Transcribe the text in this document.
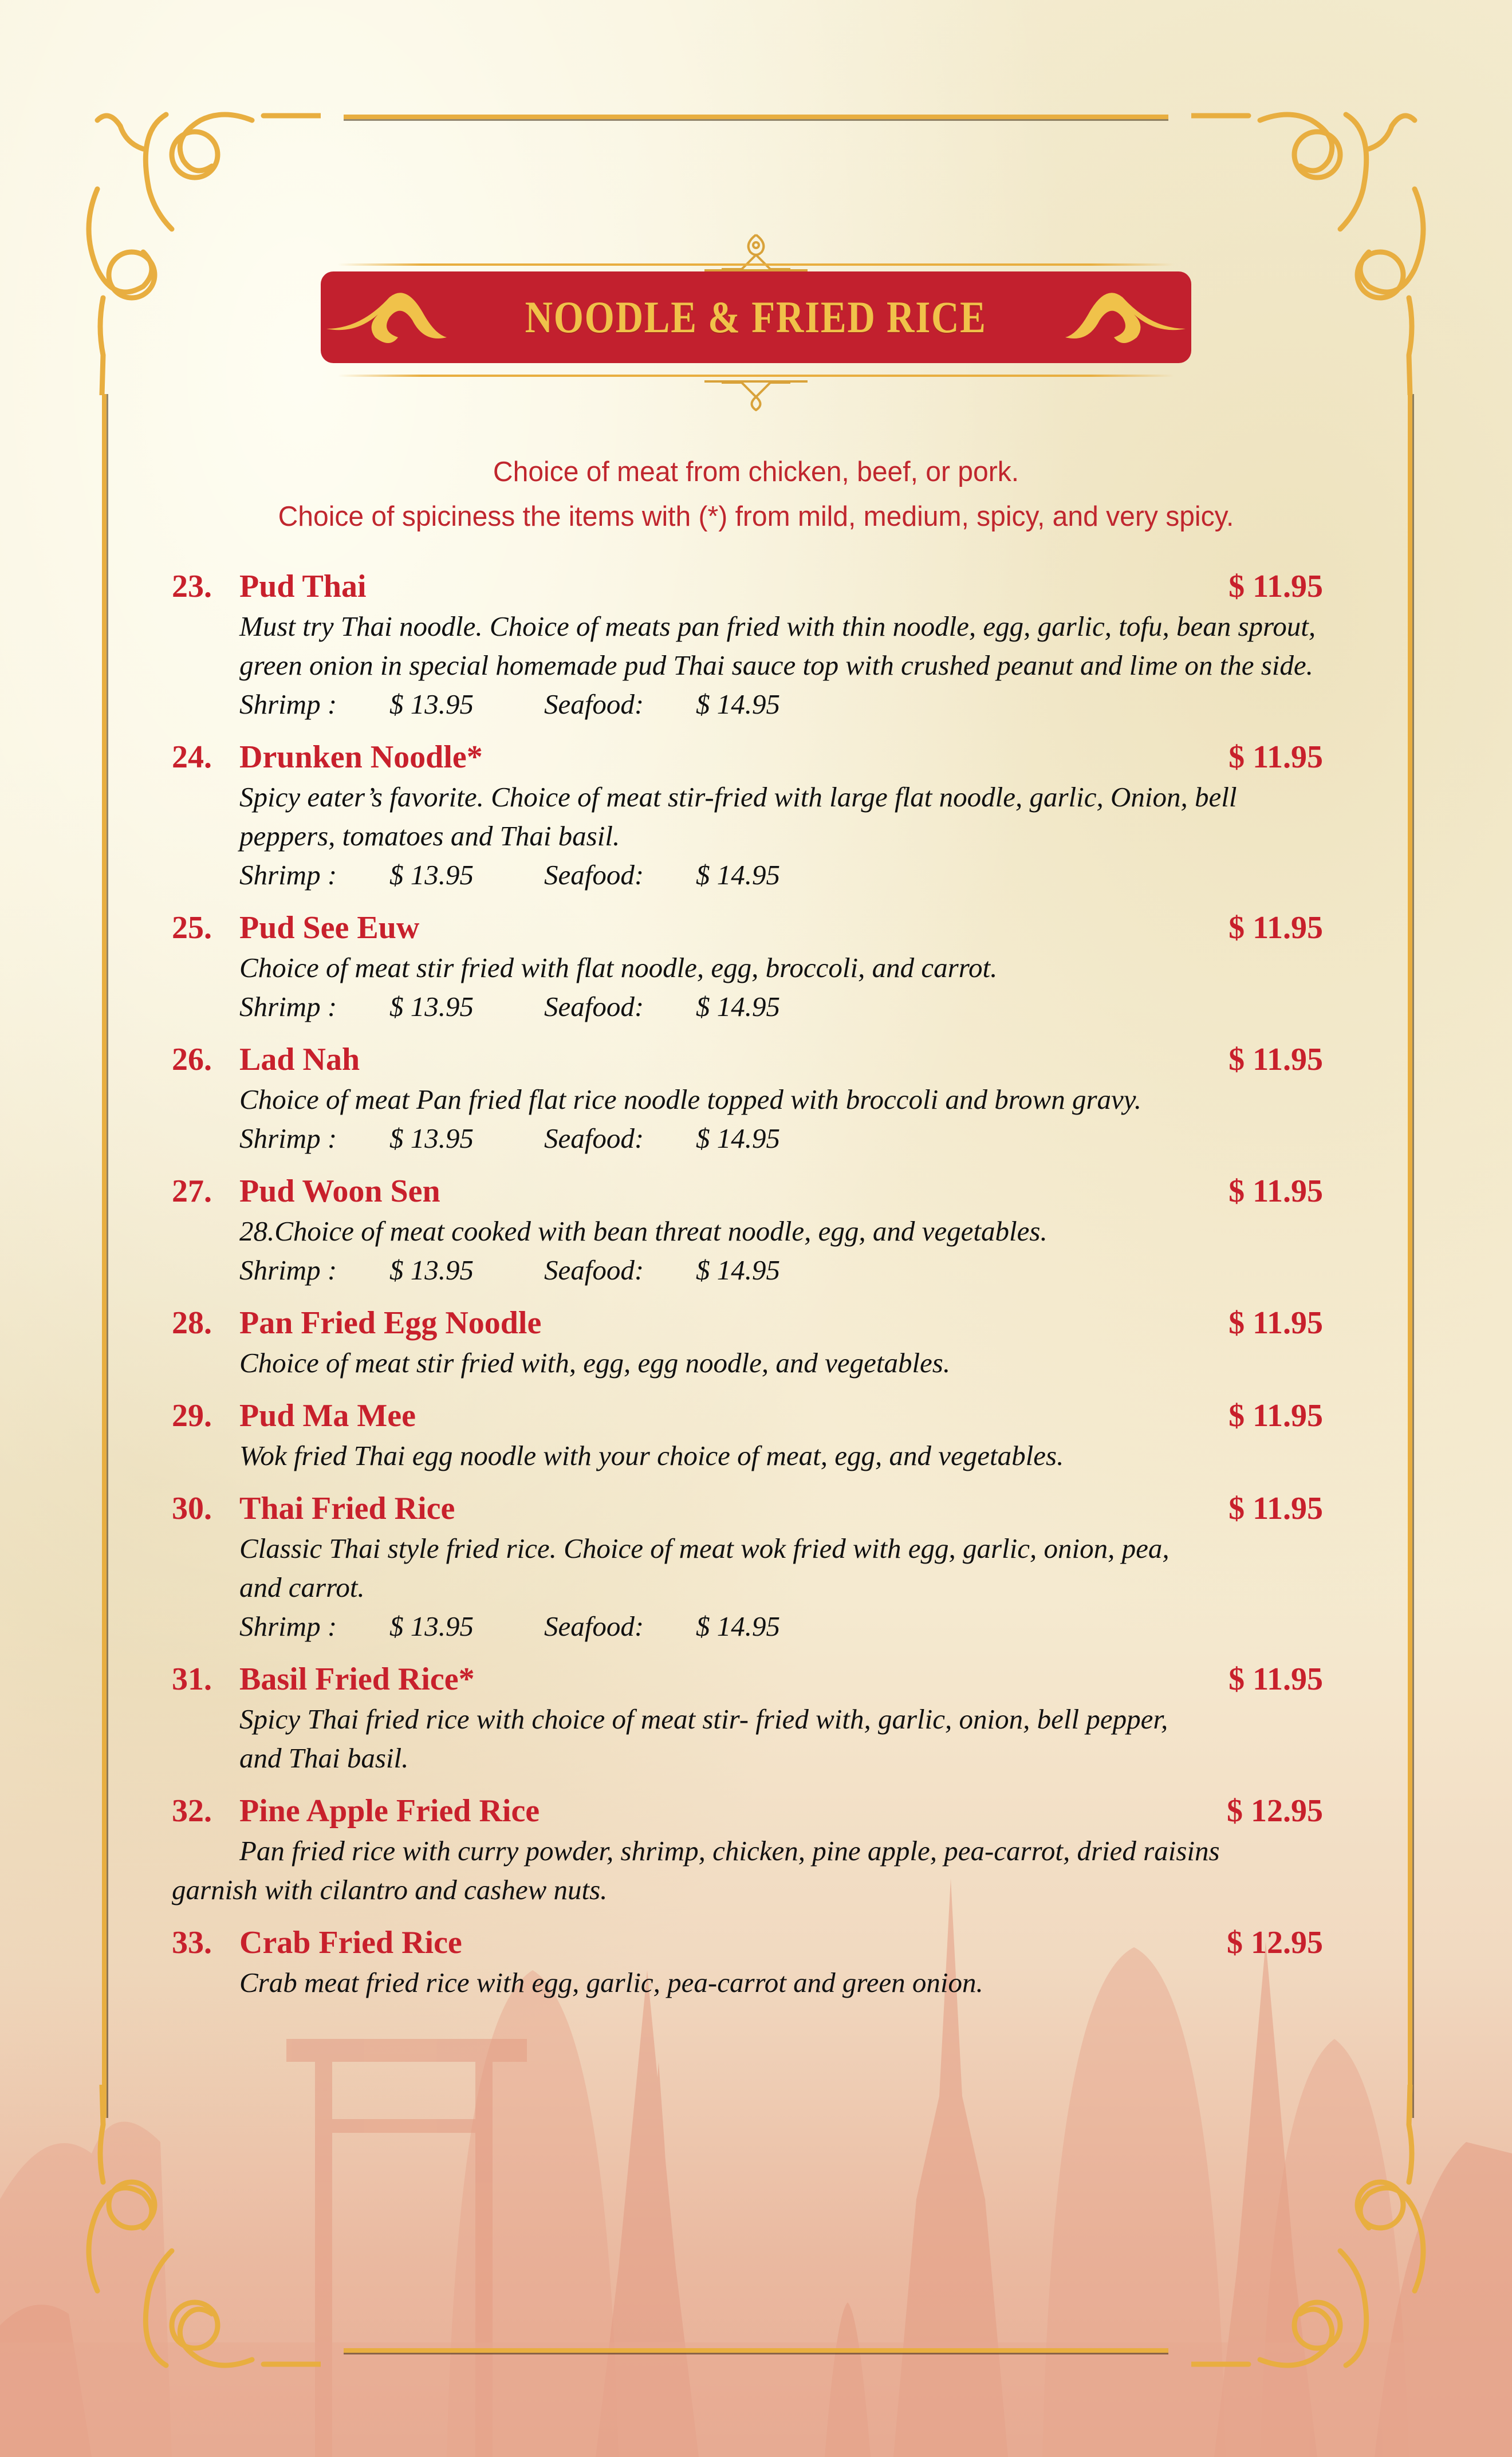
NOODLE & FRIED RICE
Choice of meat from chicken, beef, or pork.
Choice of spiciness the items with (*) from mild, medium, spicy, and very spicy.
23. Pud Thai	$ 11.95
Must try Thai noodle. Choice of meats pan fried with thin noodle, egg, garlic, tofu, bean sprout, green onion in special homemade pud Thai sauce top with crushed peanut and lime on the side.
Shrimp :	$ 13.95	Seafood:	$ 14.95
24. Drunken Noodle*	$ 11.95
Spicy eater’s favorite. Choice of meat stir-fried with large flat noodle, garlic, Onion, bell peppers, tomatoes and Thai basil.
Shrimp :	$ 13.95	Seafood:	$ 14.95
25. Pud See Euw	$ 11.95
Choice of meat stir fried with flat noodle, egg, broccoli, and carrot.
Shrimp :	$ 13.95	Seafood:	$ 14.95
26. Lad Nah	$ 11.95
Choice of meat Pan fried flat rice noodle topped with broccoli and brown gravy.
Shrimp :	$ 13.95	Seafood:	$ 14.95
27. Pud Woon Sen	$ 11.95
28.Choice of meat cooked with bean threat noodle, egg, and vegetables.
Shrimp :	$ 13.95	Seafood:	$ 14.95
28. Pan Fried Egg Noodle	$ 11.95
Choice of meat stir fried with, egg, egg noodle, and vegetables.
29. Pud Ma Mee	$ 11.95
Wok fried Thai egg noodle with your choice of meat, egg, and vegetables.
30. Thai Fried Rice	$ 11.95
Classic Thai style fried rice. Choice of meat wok fried with egg, garlic, onion, pea, and carrot.
Shrimp :	$ 13.95	Seafood:	$ 14.95
31. Basil Fried Rice*	$ 11.95
Spicy Thai fried rice with choice of meat stir- fried with, garlic, onion, bell pepper, and Thai basil.
32. Pine Apple Fried Rice	$ 12.95
Pan fried rice with curry powder, shrimp, chicken, pine apple, pea-carrot, dried raisins garnish with cilantro and cashew nuts.
33. Crab Fried Rice	$ 12.95
Crab meat fried rice with egg, garlic, pea-carrot and green onion.
